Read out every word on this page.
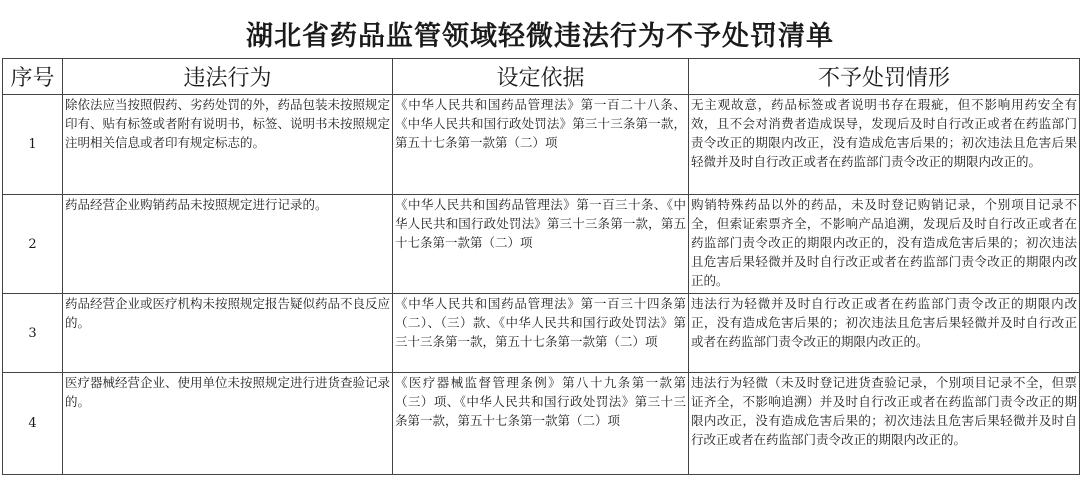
湖北省药品监管领域轻微违法行为不予处罚清单
序号	违法行为	设定依据	不予处罚情形
1	除依法应当按照假药、劣药处罚的外，药品包装未按照规定印有、贴有标签或者附有说明书，标签、说明书未按照规定注明相关信息或者印有规定标志的。	《中华人民共和国药品管理法》第一百二十八条、《中华人民共和国行政处罚法》第三十三条第一款，第五十七条第一款第（二）项	无主观故意，药品标签或者说明书存在瑕疵，但不影响用药安全有效，且不会对消费者造成误导，发现后及时自行改正或者在药监部门责令改正的期限内改正，没有造成危害后果的；初次违法且危害后果轻微并及时自行改正或者在药监部门责令改正的期限内改正的。
2	药品经营企业购销药品未按照规定进行记录的。	《中华人民共和国药品管理法》第一百三十条、《中华人民共和国行政处罚法》第三十三条第一款，第五十七条第一款第（二）项	购销特殊药品以外的药品，未及时登记购销记录，个别项目记录不全，但索证索票齐全，不影响产品追溯，发现后及时自行改正或者在药监部门责令改正的期限内改正的，没有造成危害后果的；初次违法且危害后果轻微并及时自行改正或者在药监部门责令改正的期限内改正的。
3	药品经营企业或医疗机构未按照规定报告疑似药品不良反应的。	《中华人民共和国药品管理法》第一百三十四条第（二）、（三）款、《中华人民共和国行政处罚法》第三十三条第一款，第五十七条第一款第（二）项	违法行为轻微并及时自行改正或者在药监部门责令改正的期限内改正，没有造成危害后果的；初次违法且危害后果轻微并及时自行改正或者在药监部门责令改正的期限内改正的。
4	医疗器械经营企业、使用单位未按照规定进行进货查验记录的。	《医疗器械监督管理条例》第八十九条第一款第（三）项、《中华人民共和国行政处罚法》第三十三条第一款，第五十七条第一款第（二）项	违法行为轻微（未及时登记进货查验记录，个别项目记录不全，但票证齐全，不影响追溯）并及时自行改正或者在药监部门责令改正的期限内改正，没有造成危害后果的；初次违法且危害后果轻微并及时自行改正或者在药监部门责令改正的期限内改正的。
